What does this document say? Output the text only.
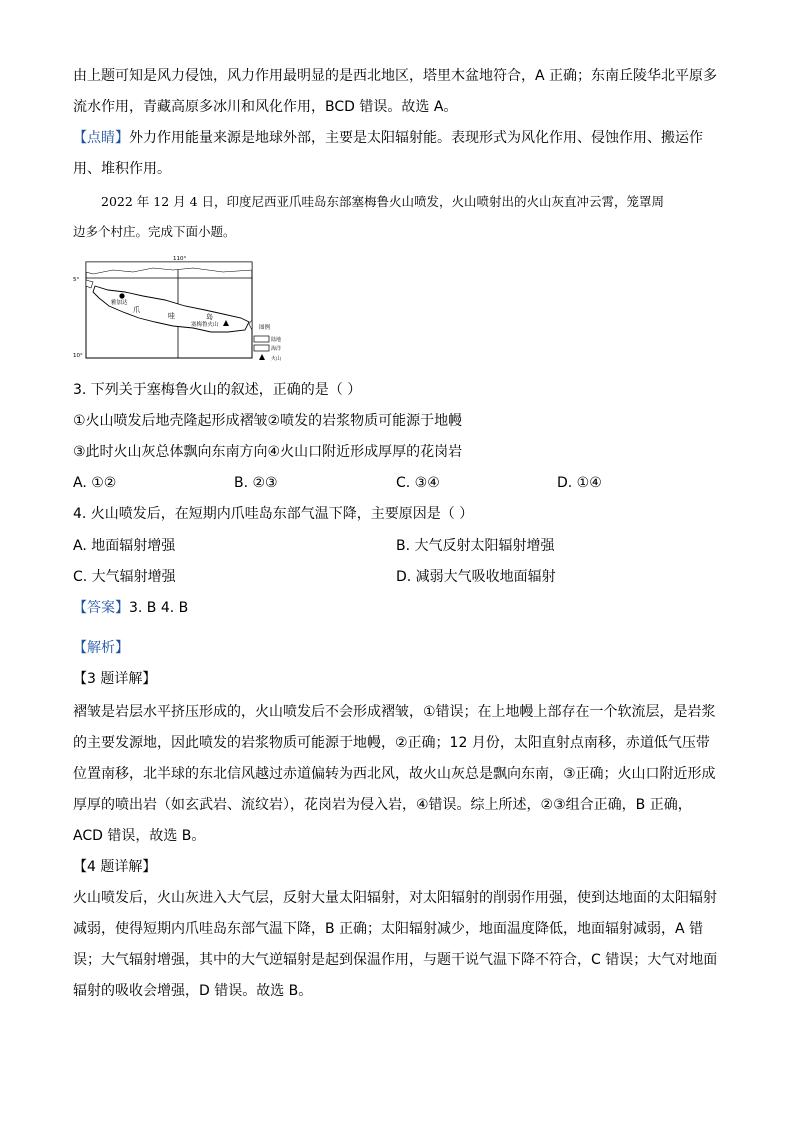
由上题可知是风力侵蚀，风力作用最明显的是西北地区，塔里木盆地符合，A 正确；东南丘陵华北平原多
流水作用，青藏高原多冰川和风化作用，BCD 错误。故选 A。
【点睛】外力作用能量来源是地球外部，主要是太阳辐射能。表现形式为风化作用、侵蚀作用、搬运作
用、堆积作用。
2022 年 12 月 4 日，印度尼西亚爪哇岛东部塞梅鲁火山喷发，火山喷射出的火山灰直冲云霄，笼罩周
边多个村庄。完成下面小题。
110°
5°
10°
雅加达
爪
哇	岛
塞梅鲁火山	图例
陆地
海洋
火山
3. 下列关于塞梅鲁火山的叙述，正确的是（ ）
①火山喷发后地壳隆起形成褶皱②喷发的岩浆物质可能源于地幔
③此时火山灰总体飘向东南方向④火山口附近形成厚厚的花岗岩
A. ①②	B. ②③	C. ③④	D. ①④
4. 火山喷发后，在短期内爪哇岛东部气温下降，主要原因是（ ）
A. 地面辐射增强	B. 大气反射太阳辐射增强
C. 大气辐射增强	D. 减弱大气吸收地面辐射
【答案】3. B 4. B
【解析】
【3 题详解】
褶皱是岩层水平挤压形成的，火山喷发后不会形成褶皱，①错误；在上地幔上部存在一个软流层，是岩浆
的主要发源地，因此喷发的岩浆物质可能源于地幔，②正确；12 月份，太阳直射点南移，赤道低气压带
位置南移，北半球的东北信风越过赤道偏转为西北风，故火山灰总是飘向东南，③正确；火山口附近形成
厚厚的喷出岩（如玄武岩、流纹岩），花岗岩为侵入岩，④错误。综上所述，②③组合正确，B 正确，
ACD 错误，故选 B。
【4 题详解】
火山喷发后，火山灰进入大气层，反射大量太阳辐射，对太阳辐射的削弱作用强，使到达地面的太阳辐射
减弱，使得短期内爪哇岛东部气温下降，B 正确；太阳辐射减少，地面温度降低，地面辐射减弱，A 错
误；大气辐射增强，其中的大气逆辐射是起到保温作用，与题干说气温下降不符合，C 错误；大气对地面
辐射的吸收会增强，D 错误。故选 B。
